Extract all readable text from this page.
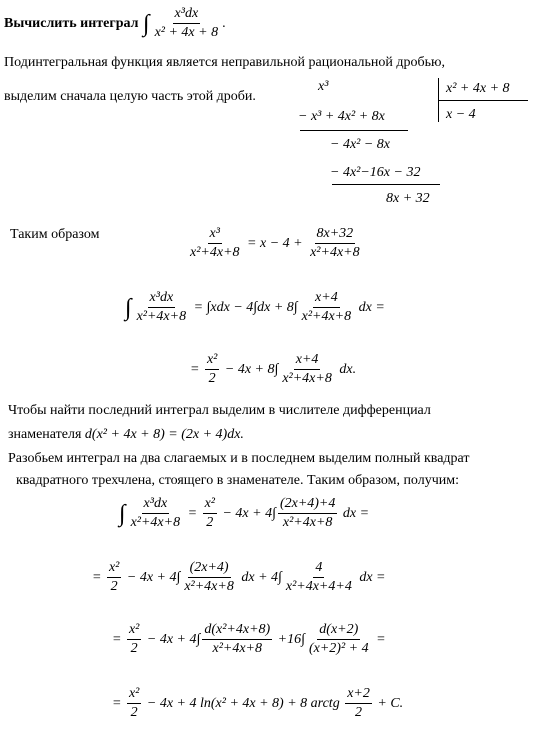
Вычислить интеграл ∫ $\frac{\text{x³dx}}{\text{x² + 4x + 8}}$ .
Подинтегральная функция является неправильной рациональной дробью,
выделим сначала целую часть этой дроби.
x³	x² + 4x + 8
x − 4
− x³ + 4x² + 8x
− 4x² − 8x
− 4x²−16x − 32
8x + 32
Таким образом	$\frac{\text{x³}}{\text{x²+4x+8}} = x - 4 + \frac{8x+32}{\text{x²+4x+8}}$
∫ $\frac{\text{x³dx}}{\text{x²+4x+8}} = \int xdx - 4\int dx + 8\int \frac{x+4}{\text{x²+4x+8}}$ dx =
= $\frac{\text{x²}}{2} - 4x + 8\int \frac{x+4}{\text{x²+4x+8}}$ dx.
Чтобы найти последний интеграл выделим в числителе дифференциал
знаменателя d(x² + 4x + 8) = (2x + 4)dx.
Разобьем интеграл на два слагаемых и в последнем выделим полный квадрат
квадратного трехчлена, стоящего в знаменателе. Таким образом, получим:
∫ $\frac{\text{x³dx}}{\text{x²+4x+8}} = \frac{\text{x²}}{2} - 4x + 4\int \frac{(2x+4)+4}{\text{x²+4x+8}}$ dx =
= $\frac{\text{x²}}{2} - 4x + 4\int \frac{(2x+4)}{\text{x²+4x+8}}$ dx + $4\int \frac{4}{\text{x²+4x+4+4}}$ dx =
= $\frac{\text{x²}}{2} - 4x + 4\int \frac{\text{d(x²+4x+8)}}{\text{x²+4x+8}} +16\int \frac{d(x+2)}{\text{(x+2)² + 4}}$ =
= $\frac{\text{x²}}{2} - 4x + 4$ ln(x² + 4x + 8) + 8 arctg $\frac{x+2}{2} + C$.
